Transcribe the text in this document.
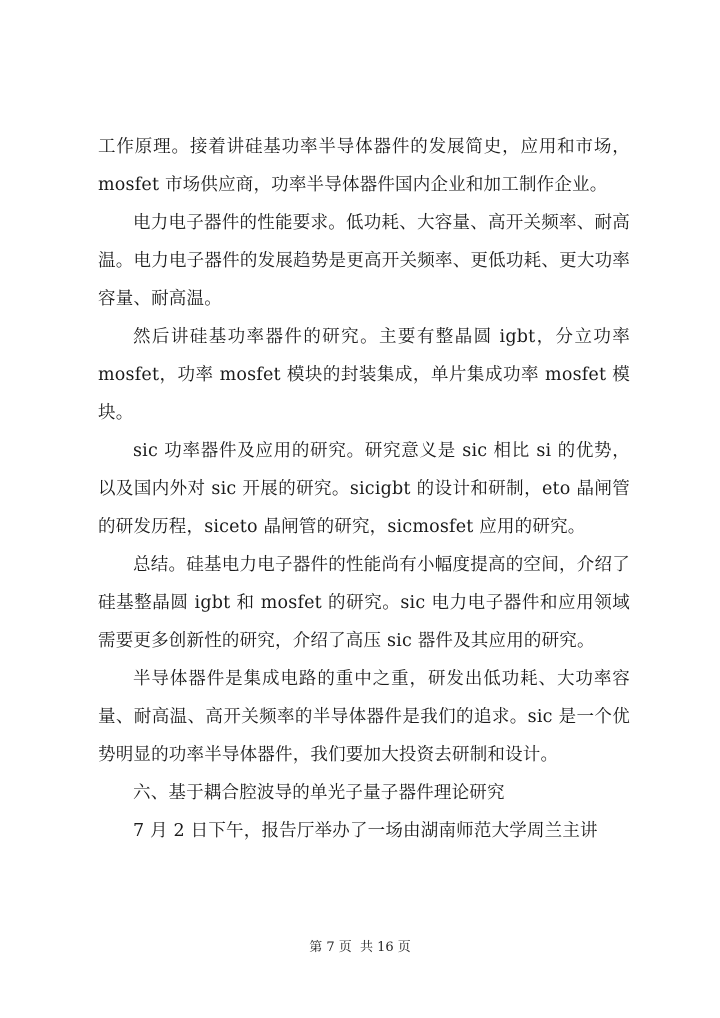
工作原理。接着讲硅基功率半导体器件的发展简史，应用和市场，mosfet 市场供应商，功率半导体器件国内企业和加工制作企业。

电力电子器件的性能要求。低功耗、大容量、高开关频率、耐高温。电力电子器件的发展趋势是更高开关频率、更低功耗、更大功率容量、耐高温。

然后讲硅基功率器件的研究。主要有整晶圆 igbt，分立功率 mosfet，功率 mosfet 模块的封装集成，单片集成功率 mosfet 模块。

sic 功率器件及应用的研究。研究意义是 sic 相比 si 的优势，以及国内外对 sic 开展的研究。sicigbt 的设计和研制，eto 晶闸管的研发历程，siceto 晶闸管的研究，sicmosfet 应用的研究。

总结。硅基电力电子器件的性能尚有小幅度提高的空间，介绍了硅基整晶圆 igbt 和 mosfet 的研究。sic 电力电子器件和应用领域需要更多创新性的研究，介绍了高压 sic 器件及其应用的研究。

半导体器件是集成电路的重中之重，研发出低功耗、大功率容量、耐高温、高开关频率的半导体器件是我们的追求。sic 是一个优势明显的功率半导体器件，我们要加大投资去研制和设计。

六、基于耦合腔波导的单光子量子器件理论研究

7 月 2 日下午，报告厅举办了一场由湖南师范大学周兰主讲

第 7 页  共 16 页
